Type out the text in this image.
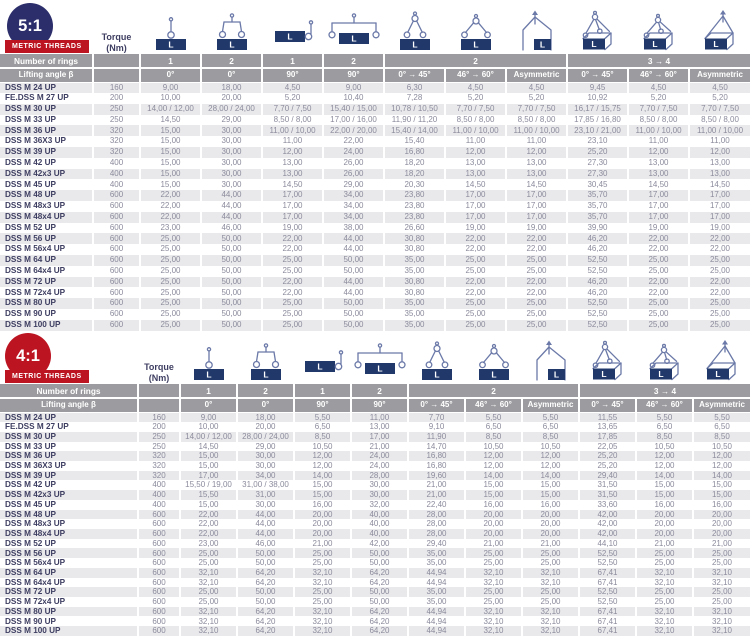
5:1
METRIC THREADS
	Torque
(Nm)	L	L

L	L

L	L	L	L	L	L

Number of rings		1	2	1	2	2			3 → 4		
Lifting angle β		0°	0°	90°	90°	0° → 45°	46° → 60°	Asymmetric	0° → 45°	46° → 60°	Asymmetric
DSS M 24 UP	160	9,00	18,00	4,50	9,00	6,30	4,50	4,50	9,45	4,50	4,50
FE.DSS M 27 UP	200	10,00	20,00	5,20	10,40	7,28	5,20	5,20	10,92	5,20	5,20
DSS M 30 UP	250	14,00 / 12,00	28,00 / 24,00	7,70 / 7,50	15,40 / 15,00	10,78 / 10,50	7,70 / 7,50	7,70 / 7,50	16,17 / 15,75	7,70 / 7,50	7,70 / 7,50
DSS M 33 UP	250	14,50	29,00	8,50 / 8,00	17,00 / 16,00	11,90 / 11,20	8,50 / 8,00	8,50 / 8,00	17,85 / 16,80	8,50 / 8,00	8,50 / 8,00
DSS M 36 UP	320	15,00	30,00	11,00 / 10,00	22,00 / 20,00	15,40 / 14,00	11,00 / 10,00	11,00 / 10,00	23,10 / 21,00	11,00 / 10,00	11,00 / 10,00
DSS M 36X3 UP	320	15,00	30,00	11,00	22,00	15,40	11,00	11,00	23,10	11,00	11,00
DSS M 39 UP	320	15,00	30,00	12,00	24,00	16,80	12,00	12,00	25,20	12,00	12,00
DSS M 42 UP	400	15,00	30,00	13,00	26,00	18,20	13,00	13,00	27,30	13,00	13,00
DSS M 42x3 UP	400	15,00	30,00	13,00	26,00	18,20	13,00	13,00	27,30	13,00	13,00
DSS M 45 UP	400	15,00	30,00	14,50	29,00	20,30	14,50	14,50	30,45	14,50	14,50
DSS M 48 UP	600	22,00	44,00	17,00	34,00	23,80	17,00	17,00	35,70	17,00	17,00
DSS M 48x3 UP	600	22,00	44,00	17,00	34,00	23,80	17,00	17,00	35,70	17,00	17,00
DSS M 48x4 UP	600	22,00	44,00	17,00	34,00	23,80	17,00	17,00	35,70	17,00	17,00
DSS M 52 UP	600	23,00	46,00	19,00	38,00	26,60	19,00	19,00	39,90	19,00	19,00
DSS M 56 UP	600	25,00	50,00	22,00	44,00	30,80	22,00	22,00	46,20	22,00	22,00
DSS M 56x4 UP	600	25,00	50,00	22,00	44,00	30,80	22,00	22,00	46,20	22,00	22,00
DSS M 64 UP	600	25,00	50,00	25,00	50,00	35,00	25,00	25,00	52,50	25,00	25,00
DSS M 64x4 UP	600	25,00	50,00	25,00	50,00	35,00	25,00	25,00	52,50	25,00	25,00
DSS M 72 UP	600	25,00	50,00	22,00	44,00	30,80	22,00	22,00	46,20	22,00	22,00
DSS M 72x4 UP	600	25,00	50,00	22,00	44,00	30,80	22,00	22,00	46,20	22,00	22,00
DSS M 80 UP	600	25,00	50,00	25,00	50,00	35,00	25,00	25,00	52,50	25,00	25,00
DSS M 90 UP	600	25,00	50,00	25,00	50,00	35,00	25,00	25,00	52,50	25,00	25,00
DSS M 100 UP	600	25,00	50,00	25,00	50,00	35,00	25,00	25,00	52,50	25,00	25,00
4:1
METRIC THREADS
	Torque
(Nm)	L	L

L	L

L	L	L	L	L	L

Number of rings		1	2	1	2	2			3 → 4		
Lifting angle β		0°	0°	90°	90°	0° → 45°	46° → 60°	Asymmetric	0° → 45°	46° → 60°	Asymmetric
DSS M 24 UP	160	9,00	18,00	5,50	11,00	7,70	5,50	5,50	11,55	5,50	5,50
FE.DSS M 27 UP	200	10,00	20,00	6,50	13,00	9,10	6,50	6,50	13,65	6,50	6,50
DSS M 30 UP	250	14,00 / 12,00	28,00 / 24,00	8,50	17,00	11,90	8,50	8,50	17,85	8,50	8,50
DSS M 33 UP	250	14,50	29,00	10,50	21,00	14,70	10,50	10,50	22,05	10,50	10,50
DSS M 36 UP	320	15,00	30,00	12,00	24,00	16,80	12,00	12,00	25,20	12,00	12,00
DSS M 36X3 UP	320	15,00	30,00	12,00	24,00	16,80	12,00	12,00	25,20	12,00	12,00
DSS M 39 UP	320	17,00	34,00	14,00	28,00	19,60	14,00	14,00	29,40	14,00	14,00
DSS M 42 UP	400	15,50 / 19,00	31,00 / 38,00	15,00	30,00	21,00	15,00	15,00	31,50	15,00	15,00
DSS M 42x3 UP	400	15,50	31,00	15,00	30,00	21,00	15,00	15,00	31,50	15,00	15,00
DSS M 45 UP	400	15,00	30,00	16,00	32,00	22,40	16,00	16,00	33,60	16,00	16,00
DSS M 48 UP	600	22,00	44,00	20,00	40,00	28,00	20,00	20,00	42,00	20,00	20,00
DSS M 48x3 UP	600	22,00	44,00	20,00	40,00	28,00	20,00	20,00	42,00	20,00	20,00
DSS M 48x4 UP	600	22,00	44,00	20,00	40,00	28,00	20,00	20,00	42,00	20,00	20,00
DSS M 52 UP	600	23,00	46,00	21,00	42,00	29,40	21,00	21,00	44,10	21,00	21,00
DSS M 56 UP	600	25,00	50,00	25,00	50,00	35,00	25,00	25,00	52,50	25,00	25,00
DSS M 56x4 UP	600	25,00	50,00	25,00	50,00	35,00	25,00	25,00	52,50	25,00	25,00
DSS M 64 UP	600	32,10	64,20	32,10	64,20	44,94	32,10	32,10	67,41	32,10	32,10
DSS M 64x4 UP	600	32,10	64,20	32,10	64,20	44,94	32,10	32,10	67,41	32,10	32,10
DSS M 72 UP	600	25,00	50,00	25,00	50,00	35,00	25,00	25,00	52,50	25,00	25,00
DSS M 72x4 UP	600	25,00	50,00	25,00	50,00	35,00	25,00	25,00	52,50	25,00	25,00
DSS M 80 UP	600	32,10	64,20	32,10	64,20	44,94	32,10	32,10	67,41	32,10	32,10
DSS M 90 UP	600	32,10	64,20	32,10	64,20	44,94	32,10	32,10	67,41	32,10	32,10
DSS M 100 UP	600	32,10	64,20	32,10	64,20	44,94	32,10	32,10	67,41	32,10	32,10
